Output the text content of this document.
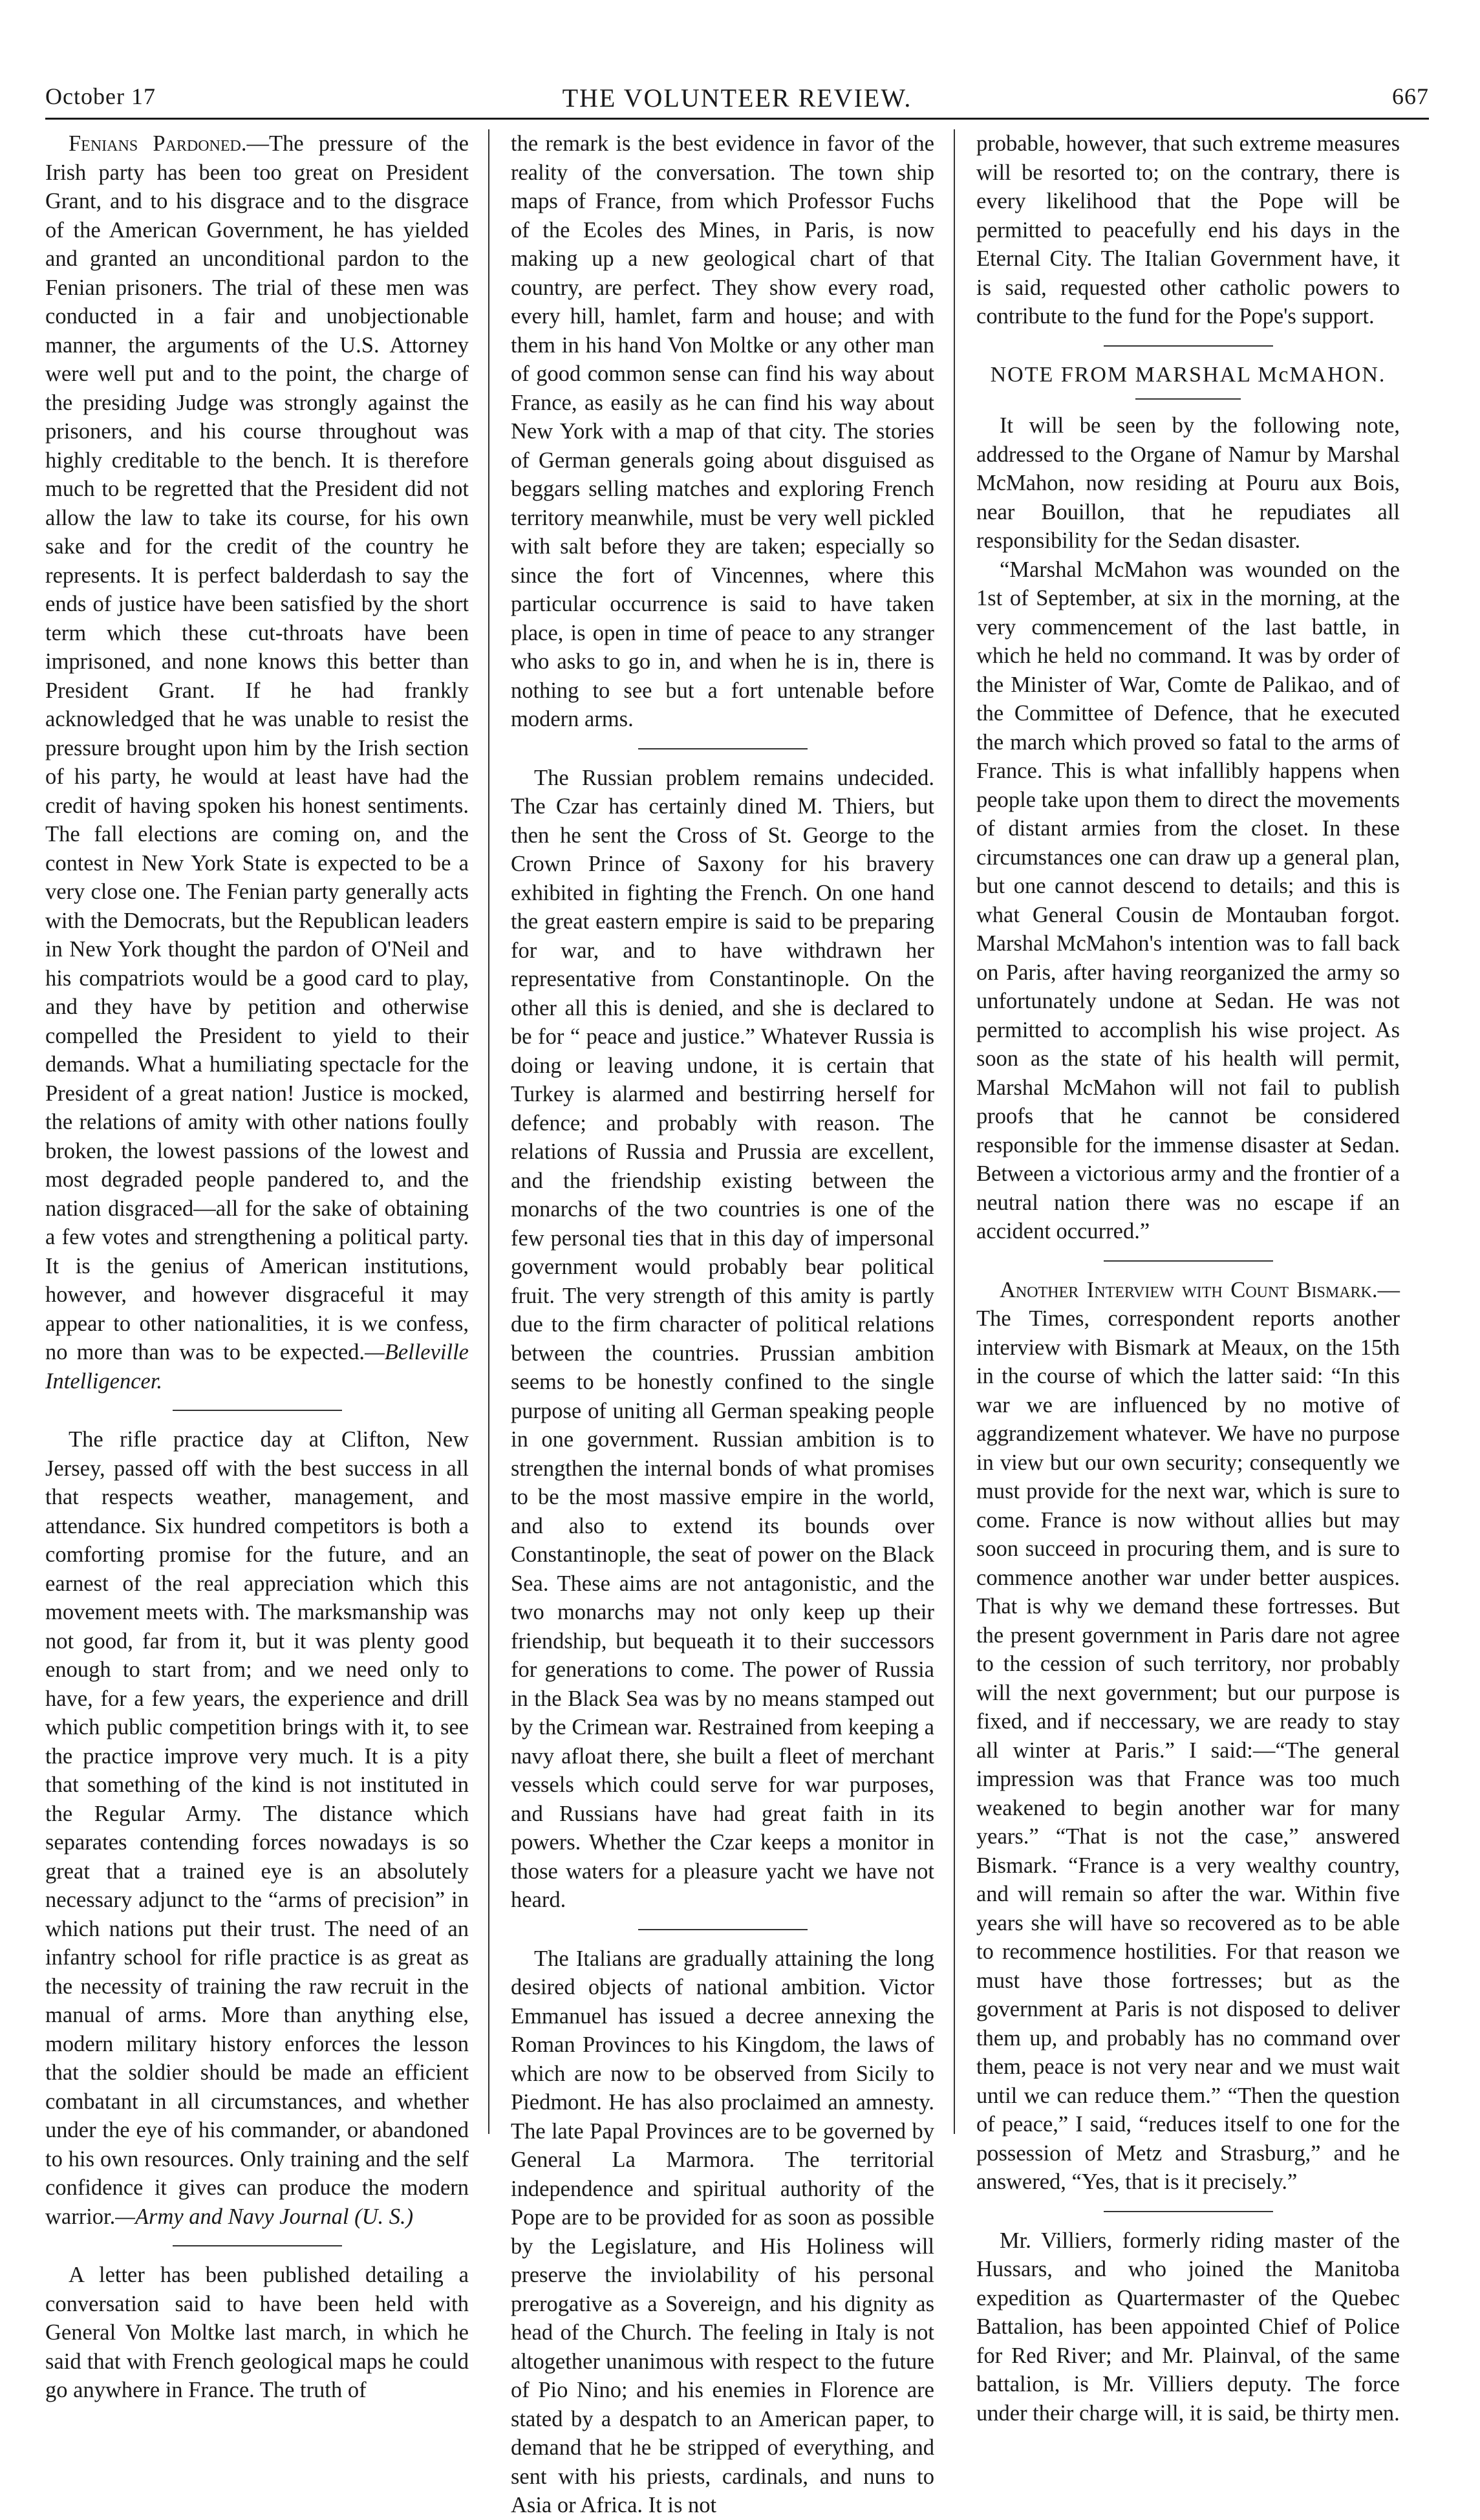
October 17	THE VOLUNTEER REVIEW.	667

Fenians Pardoned.—The pressure of the Irish party has been too great on President Grant, and to his disgrace and to the disgrace of the American Government, he has yielded and granted an unconditional pardon to the Fenian prisoners. The trial of these men was conducted in a fair and unobjectionable manner, the arguments of the U.S. Attorney were well put and to the point, the charge of the presiding Judge was strongly against the prisoners, and his course throughout was highly creditable to the bench. It is therefore much to be regretted that the President did not allow the law to take its course, for his own sake and for the credit of the country he represents. It is perfect balderdash to say the ends of justice have been satisfied by the short term which these cut-throats have been imprisoned, and none knows this better than President Grant. If he had frankly acknowledged that he was unable to resist the pressure brought upon him by the Irish section of his party, he would at least have had the credit of having spoken his honest sentiments. The fall elections are coming on, and the contest in New York State is expected to be a very close one. The Fenian party generally acts with the Democrats, but the Republican leaders in New York thought the pardon of O'Neil and his compatriots would be a good card to play, and they have by petition and otherwise compelled the President to yield to their demands. What a humiliating spectacle for the President of a great nation! Justice is mocked, the relations of amity with other nations foully broken, the lowest passions of the lowest and most degraded people pandered to, and the nation disgraced—all for the sake of obtaining a few votes and strengthening a political party. It is the genius of American institutions, however, and however disgraceful it may appear to other nationalities, it is we confess, no more than was to be expected.—Belleville Intelligencer.

The rifle practice day at Clifton, New Jersey, passed off with the best success in all that respects weather, management, and attendance. Six hundred competitors is both a comforting promise for the future, and an earnest of the real appreciation which this movement meets with. The marksmanship was not good, far from it, but it was plenty good enough to start from; and we need only to have, for a few years, the experience and drill which public competition brings with it, to see the practice improve very much. It is a pity that something of the kind is not instituted in the Regular Army. The distance which separates contending forces nowadays is so great that a trained eye is an absolutely necessary adjunct to the “arms of precision” in which nations put their trust. The need of an infantry school for rifle practice is as great as the necessity of training the raw recruit in the manual of arms. More than anything else, modern military history enforces the lesson that the soldier should be made an efficient combatant in all circumstances, and whether under the eye of his commander, or abandoned to his own resources. Only training and the self confidence it gives can produce the modern warrior.—Army and Navy Journal (U. S.)

A letter has been published detailing a conversation said to have been held with General Von Moltke last march, in which he said that with French geological maps he could go anywhere in France. The truth of

the remark is the best evidence in favor of the reality of the conversation. The town ship maps of France, from which Professor Fuchs of the Ecoles des Mines, in Paris, is now making up a new geological chart of that country, are perfect. They show every road, every hill, hamlet, farm and house; and with them in his hand Von Moltke or any other man of good common sense can find his way about France, as easily as he can find his way about New York with a map of that city. The stories of German generals going about disguised as beggars selling matches and exploring French territory meanwhile, must be very well pickled with salt before they are taken; especially so since the fort of Vincennes, where this particular occurrence is said to have taken place, is open in time of peace to any stranger who asks to go in, and when he is in, there is nothing to see but a fort untenable before modern arms.

The Russian problem remains undecided. The Czar has certainly dined M. Thiers, but then he sent the Cross of St. George to the Crown Prince of Saxony for his bravery exhibited in fighting the French. On one hand the great eastern empire is said to be preparing for war, and to have withdrawn her representative from Constantinople. On the other all this is denied, and she is declared to be for “ peace and justice.” Whatever Russia is doing or leaving undone, it is certain that Turkey is alarmed and bestirring herself for defence; and probably with reason. The relations of Russia and Prussia are excellent, and the friendship existing between the monarchs of the two countries is one of the few personal ties that in this day of impersonal government would probably bear political fruit. The very strength of this amity is partly due to the firm character of political relations between the countries. Prussian ambition seems to be honestly confined to the single purpose of uniting all German speaking people in one government. Russian ambition is to strengthen the internal bonds of what promises to be the most massive empire in the world, and also to extend its bounds over Constantinople, the seat of power on the Black Sea. These aims are not antagonistic, and the two monarchs may not only keep up their friendship, but bequeath it to their successors for generations to come. The power of Russia in the Black Sea was by no means stamped out by the Crimean war. Restrained from keeping a navy afloat there, she built a fleet of merchant vessels which could serve for war purposes, and Russians have had great faith in its powers. Whether the Czar keeps a monitor in those waters for a pleasure yacht we have not heard.

The Italians are gradually attaining the long desired objects of national ambition. Victor Emmanuel has issued a decree annexing the Roman Provinces to his Kingdom, the laws of which are now to be observed from Sicily to Piedmont. He has also proclaimed an amnesty. The late Papal Provinces are to be governed by General La Marmora. The territorial independence and spiritual authority of the Pope are to be provided for as soon as possible by the Legislature, and His Holiness will preserve the inviolability of his personal prerogative as a Sovereign, and his dignity as head of the Church. The feeling in Italy is not altogether unanimous with respect to the future of Pio Nino; and his enemies in Florence are stated by a despatch to an American paper, to demand that he be stripped of everything, and sent with his priests, cardinals, and nuns to Asia or Africa. It is not

probable, however, that such extreme measures will be resorted to; on the contrary, there is every likelihood that the Pope will be permitted to peacefully end his days in the Eternal City. The Italian Government have, it is said, requested other catholic powers to contribute to the fund for the Pope's support.

NOTE FROM MARSHAL McMAHON.

It will be seen by the following note, addressed to the Organe of Namur by Marshal McMahon, now residing at Pouru aux Bois, near Bouillon, that he repudiates all responsibility for the Sedan disaster.

“Marshal McMahon was wounded on the 1st of September, at six in the morning, at the very commencement of the last battle, in which he held no command. It was by order of the Minister of War, Comte de Palikao, and of the Committee of Defence, that he executed the march which proved so fatal to the arms of France. This is what infallibly happens when people take upon them to direct the movements of distant armies from the closet. In these circumstances one can draw up a general plan, but one cannot descend to details; and this is what General Cousin de Montauban forgot. Marshal McMahon's intention was to fall back on Paris, after having reorganized the army so unfortunately undone at Sedan. He was not permitted to accomplish his wise project. As soon as the state of his health will permit, Marshal McMahon will not fail to publish proofs that he cannot be considered responsible for the immense disaster at Sedan. Between a victorious army and the frontier of a neutral nation there was no escape if an accident occurred.”

Another Interview with Count Bismark.—The Times, correspondent reports another interview with Bismark at Meaux, on the 15th in the course of which the latter said: “In this war we are influenced by no motive of aggrandizement whatever. We have no purpose in view but our own security; consequently we must provide for the next war, which is sure to come. France is now without allies but may soon succeed in procuring them, and is sure to commence another war under better auspices. That is why we demand these fortresses. But the present government in Paris dare not agree to the cession of such territory, nor probably will the next government; but our purpose is fixed, and if neccessary, we are ready to stay all winter at Paris.” I said:—“The general impression was that France was too much weakened to begin another war for many years.” “That is not the case,” answered Bismark. “France is a very wealthy country, and will remain so after the war. Within five years she will have so recovered as to be able to recommence hostilities. For that reason we must have those fortresses; but as the government at Paris is not disposed to deliver them up, and probably has no command over them, peace is not very near and we must wait until we can reduce them.” “Then the question of peace,” I said, “reduces itself to one for the possession of Metz and Strasburg,” and he answered, “Yes, that is it precisely.”

Mr. Villiers, formerly riding master of the Hussars, and who joined the Manitoba expedition as Quartermaster of the Quebec Battalion, has been appointed Chief of Police for Red River; and Mr. Plainval, of the same battalion, is Mr. Villiers deputy. The force under their charge will, it is said, be thirty men.
